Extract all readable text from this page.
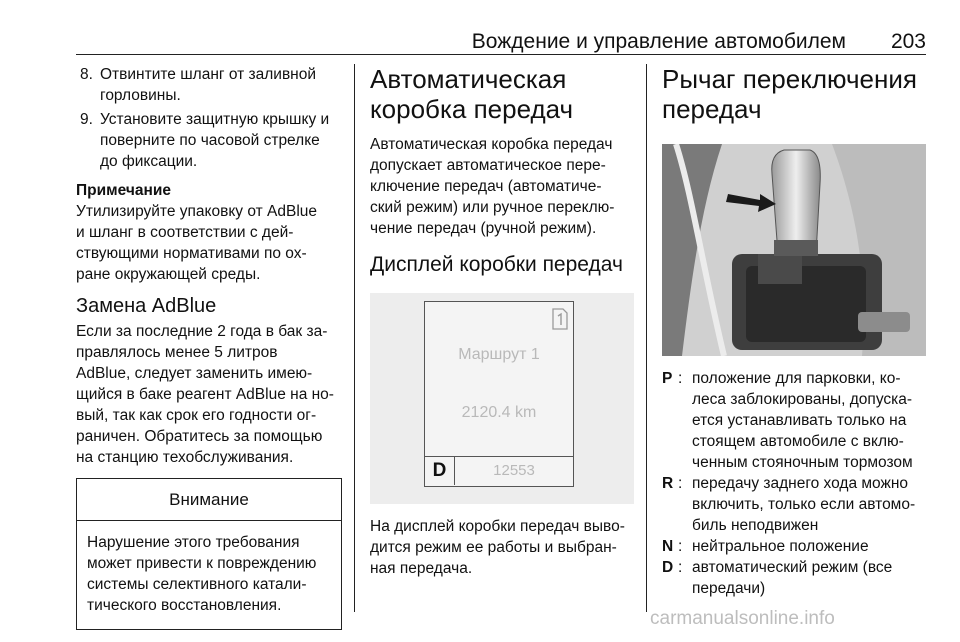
Вождение и управление автомобилем 203
8. Отвинтите шланг от заливной
горловины.
9. Установите защитную крышку и
поверните по часовой стрелке
до фиксации.
Примечание
Утилизируйте упаковку от AdBlue
и шланг в соответствии с дей-
ствующими нормативами по ох-
ране окружающей среды.
Замена AdBlue
Если за последние 2 года в бак за-
правлялось менее 5 литров
AdBlue, следует заменить имею-
щийся в баке реагент AdBlue на но-
вый, так как срок его годности ог-
раничен. Обратитесь за помощью
на станцию техобслуживания.
Внимание
Нарушение этого требования
может привести к повреждению
системы селективного катали-
тического восстановления.
Автоматическая
коробка передач
Автоматическая коробка передач
допускает автоматическое пере-
ключение передач (автоматиче-
ский режим) или ручное переклю-
чение передач (ручной режим).
Дисплей коробки передач
Маршрут 1
2120.4 km
D	12553
На дисплей коробки передач выво-
дится режим ее работы и выбран-
ная передача.
Рычаг переключения
передач
P : положение для парковки, ко-
леса заблокированы, допуска-
ется устанавливать только на
стоящем автомобиле с вклю-
ченным стояночным тормозом
R : передачу заднего хода можно
включить, только если автомо-
биль неподвижен
N : нейтральное положение
D : автоматический режим (все
передачи)
carmanualsonline.info
